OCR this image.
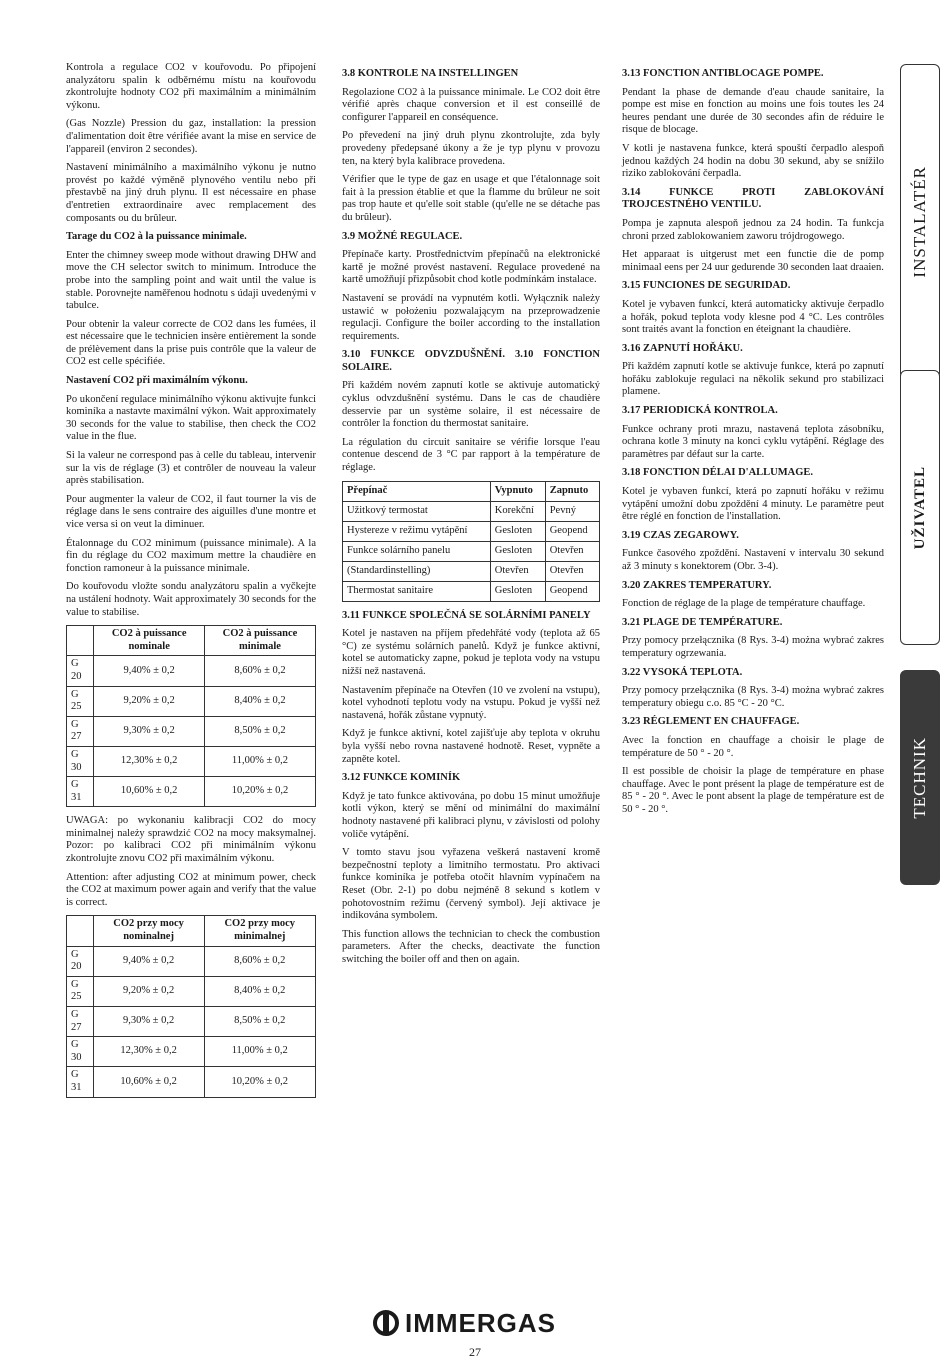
Kontrola a regulace CO2 v kouřovodu. Po připojení analyzátoru spalin k odběrnému místu na kouřovodu zkontrolujte hodnoty CO2 při maximálním a minimálním výkonu.

(Gas Nozzle) Pression du gaz, installation: la pression d'alimentation doit être vérifiée avant la mise en service de l'appareil (environ 2 secondes).

Nastavení minimálního a maximálního výkonu je nutno provést po každé výměně plynového ventilu nebo při přestavbě na jiný druh plynu. Il est nécessaire en phase d'entretien extraordinaire avec remplacement des composants ou du brûleur.

Tarage du CO2 à la puissance minimale.

Enter the chimney sweep mode without drawing DHW and move the CH selector switch to minimum. Introduce the probe into the sampling point and wait until the value is stable. Porovnejte naměřenou hodnotu s údaji uvedenými v tabulce.

Pour obtenir la valeur correcte de CO2 dans les fumées, il est nécessaire que le technicien insère entièrement la sonde de prélèvement dans la prise puis contrôle que la valeur de CO2 est celle spécifiée.

Nastavení CO2 při maximálním výkonu.

Po ukončení regulace minimálního výkonu aktivujte funkci kominíka a nastavte maximální výkon. Wait approximately 30 seconds for the value to stabilise, then check the CO2 value in the flue.

Si la valeur ne correspond pas à celle du tableau, intervenir sur la vis de réglage (3) et contrôler de nouveau la valeur après stabilisation.

Pour augmenter la valeur de CO2, il faut tourner la vis de réglage dans le sens contraire des aiguilles d'une montre et vice versa si on veut la diminuer.

Étalonnage du CO2 minimum (puissance minimale). A la fin du réglage du CO2 maximum mettre la chaudière en fonction ramoneur à la puissance minimale.

Do kouřovodu vložte sondu analyzátoru spalin a vyčkejte na ustálení hodnoty. Wait approximately 30 seconds for the value to stabilise.

	CO2 à puissance nominale	CO2 à puissance minimale
G 20	9,40% ± 0,2	8,60% ± 0,2
G 25	9,20% ± 0,2	8,40% ± 0,2
G 27	9,30% ± 0,2	8,50% ± 0,2
G 30	12,30% ± 0,2	11,00% ± 0,2
G 31	10,60% ± 0,2	10,20% ± 0,2

UWAGA: po wykonaniu kalibracji CO2 do mocy minimalnej należy sprawdzić CO2 na mocy maksymalnej. Pozor: po kalibraci CO2 při minimálním výkonu zkontrolujte znovu CO2 při maximálním výkonu.

Attention: after adjusting CO2 at minimum power, check the CO2 at maximum power again and verify that the value is correct.

	CO2 przy mocy nominalnej	CO2 przy mocy minimalnej
G 20	9,40% ± 0,2	8,60% ± 0,2
G 25	9,20% ± 0,2	8,40% ± 0,2
G 27	9,30% ± 0,2	8,50% ± 0,2
G 30	12,30% ± 0,2	11,00% ± 0,2
G 31	10,60% ± 0,2	10,20% ± 0,2

3.8 KONTROLE NA INSTELLINGEN

Regolazione CO2 à la puissance minimale. Le CO2 doit être vérifié après chaque conversion et il est conseillé de configurer l'appareil en conséquence.

Po převedení na jiný druh plynu zkontrolujte, zda byly provedeny předepsané úkony a že je typ plynu v provozu ten, na který byla kalibrace provedena.

Vérifier que le type de gaz en usage et que l'étalonnage soit fait à la pression établie et que la flamme du brûleur ne soit pas trop haute et qu'elle soit stable (qu'elle ne se détache pas du brûleur).

3.9 MOŽNÉ REGULACE.

Přepínače karty. Prostřednictvím přepínačů na elektronické kartě je možné provést nastavení. Regulace provedené na kartě umožňují přizpůsobit chod kotle podmínkám instalace.

Nastavení se provádí na vypnutém kotli. Wyłącznik należy ustawić w położeniu pozwalającym na przeprowadzenie regulacji. Configure the boiler according to the installation requirements.

3.10 FUNKCE ODVZDUŠNĚNÍ. 3.10 FONCTION SOLAIRE.

Při každém novém zapnutí kotle se aktivuje automatický cyklus odvzdušnění systému. Dans le cas de chaudière desservie par un système solaire, il est nécessaire de contrôler la fonction du thermostat sanitaire.

La régulation du circuit sanitaire se vérifie lorsque l'eau contenue descend de 3 °C par rapport à la température de réglage.

Přepínač	Vypnuto	Zapnuto
Užitkový termostat	Korekční	Pevný
Hystereze v režimu vytápění	Gesloten	Geopend
Funkce solárního panelu	Gesloten	Otevřen
(Standardinstelling)	Otevřen	Otevřen
Thermostat sanitaire	Gesloten	Geopend

3.11 FUNKCE SPOLEČNÁ SE SOLÁRNÍMI PANELY

Kotel je nastaven na příjem předehřáté vody (teplota až 65 °C) ze systému solárních panelů. Když je funkce aktivní, kotel se automaticky zapne, pokud je teplota vody na vstupu nižší než nastavená.

Nastavením přepínače na Otevřen (10 ve zvolení na vstupu), kotel vyhodnotí teplotu vody na vstupu. Pokud je vyšší než nastavená, hořák zůstane vypnutý.

Když je funkce aktivní, kotel zajišťuje aby teplota v okruhu byla vyšší nebo rovna nastavené hodnotě. Reset, vypněte a zapněte kotel.

3.12 FUNKCE KOMINÍK

Když je tato funkce aktivována, po dobu 15 minut umožňuje kotli výkon, který se mění od minimální do maximální hodnoty nastavené při kalibraci plynu, v závislosti od polohy voliče vytápění.

V tomto stavu jsou vyřazena veškerá nastavení kromě bezpečnostní teploty a limitního termostatu. Pro aktivaci funkce kominíka je potřeba otočit hlavním vypínačem na Reset (Obr. 2-1) po dobu nejméně 8 sekund s kotlem v pohotovostním režimu (červený symbol). Její aktivace je indikována symbolem.

This function allows the technician to check the combustion parameters. After the checks, deactivate the function switching the boiler off and then on again.

3.13 FONCTION ANTIBLOCAGE POMPE.

Pendant la phase de demande d'eau chaude sanitaire, la pompe est mise en fonction au moins une fois toutes les 24 heures pendant une durée de 30 secondes afin de réduire le risque de blocage.

V kotli je nastavena funkce, která spouští čerpadlo alespoň jednou každých 24 hodin na dobu 30 sekund, aby se snížilo riziko zablokování čerpadla.

3.14 FUNKCE PROTI ZABLOKOVÁNÍ TROJCESTNÉHO VENTILU.

Pompa je zapnuta alespoň jednou za 24 hodin. Ta funkcja chroni przed zablokowaniem zaworu trójdrogowego.

Het apparaat is uitgerust met een functie die de pomp minimaal eens per 24 uur gedurende 30 seconden laat draaien.

3.15 FUNCIONES DE SEGURIDAD.

Kotel je vybaven funkcí, která automaticky aktivuje čerpadlo a hořák, pokud teplota vody klesne pod 4 °C. Les contrôles sont traités avant la fonction en éteignant la chaudière.

3.16 ZAPNUTÍ HOŘÁKU.

Při každém zapnutí kotle se aktivuje funkce, která po zapnutí hořáku zablokuje regulaci na několik sekund pro stabilizaci plamene.

3.17 PERIODICKÁ KONTROLA.

Funkce ochrany proti mrazu, nastavená teplota zásobníku, ochrana kotle 3 minuty na konci cyklu vytápění. Réglage des paramètres par défaut sur la carte.

3.18 FONCTION DÉLAI D'ALLUMAGE.

Kotel je vybaven funkcí, která po zapnutí hořáku v režimu vytápění umožní dobu zpoždění 4 minuty. Le paramètre peut être réglé en fonction de l'installation.

3.19 CZAS ZEGAROWY.

Funkce časového zpoždění. Nastavení v intervalu 30 sekund až 3 minuty s konektorem (Obr. 3-4).

3.20 ZAKRES TEMPERATURY.

Fonction de réglage de la plage de température chauffage.

3.21 PLAGE DE TEMPÉRATURE.

Przy pomocy przełącznika (8 Rys. 3-4) można wybrać zakres temperatury ogrzewania.

3.22 VYSOKÁ TEPLOTA.

Przy pomocy przełącznika (8 Rys. 3-4) można wybrać zakres temperatury obiegu c.o. 85 °C - 20 °C.

3.23 RÉGLEMENT EN CHAUFFAGE.

Avec la fonction en chauffage a choisir le plage de température de 50 ° - 20 °.

Il est possible de choisir la plage de température en phase chauffage. Avec le pont présent la plage de température est de 85 ° - 20 °. Avec le pont absent la plage de température est de 50 ° - 20 °.

INSTALATÉR
UŽIVATEL
TECHNIK
IMMERGAS
27
